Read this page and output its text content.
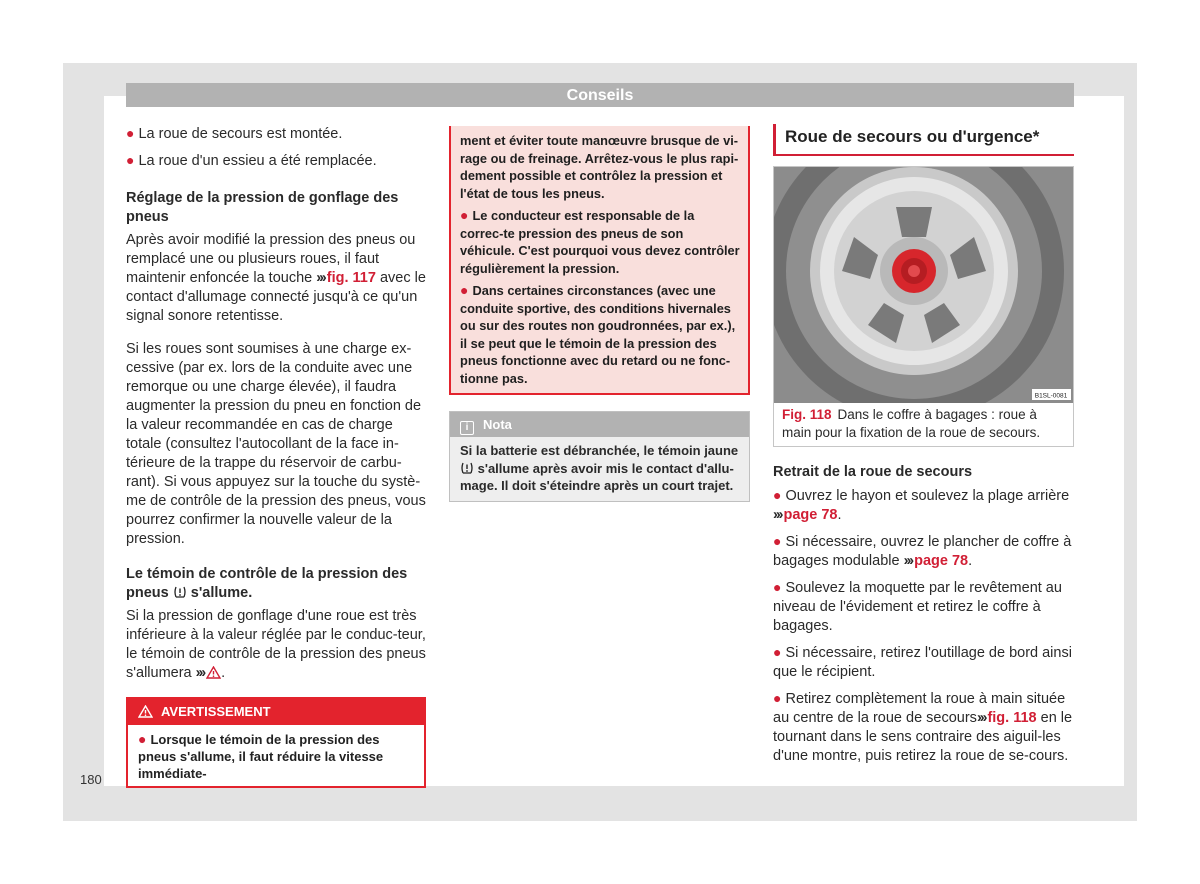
Conseils

● La roue de secours est montée.

● La roue d'un essieu a été remplacée.

Réglage de la pression de gonflage des pneus

Après avoir modifié la pression des pneus ou remplacé une ou plusieurs roues, il faut maintenir enfoncée la touche ››› fig. 117 avec le contact d'allumage connecté jusqu'à ce qu'un signal sonore retentisse.

Si les roues sont soumises à une charge ex-cessive (par ex. lors de la conduite avec une remorque ou une charge élevée), il faudra augmenter la pression du pneu en fonction de la valeur recommandée en cas de charge totale (consultez l'autocollant de la face in-térieure de la trappe du réservoir de carbu-rant). Si vous appuyez sur la touche du systè-me de contrôle de la pression des pneus, vous pourrez confirmer la nouvelle valeur de la pression.

Le témoin de contrôle de la pression des pneus s'allume.

Si la pression de gonflage d'une roue est très inférieure à la valeur réglée par le conduc-teur, le témoin de contrôle de la pression des pneus s'allumera ››› .

AVERTISSEMENT
● Lorsque le témoin de la pression des pneus s'allume, il faut réduire la vitesse immédiate-

ment et éviter toute manœuvre brusque de vi-rage ou de freinage. Arrêtez-vous le plus rapi-dement possible et contrôlez la pression et l'état de tous les pneus.

● Le conducteur est responsable de la correc-te pression des pneus de son véhicule. C'est pourquoi vous devez contrôler régulièrement la pression.

● Dans certaines circonstances (avec une conduite sportive, des conditions hivernales ou sur des routes non goudronnées, par ex.), il se peut que le témoin de la pression des pneus fonctionne avec du retard ou ne fonc-tionne pas.

i Nota
Si la batterie est débranchée, le témoin jaune  s'allume après avoir mis le contact d'allu-mage. Il doit s'éteindre après un court trajet.
Roue de secours ou d'urgence*
B1SL-0081
Fig. 118 Dans le coffre à bagages : roue à main pour la fixation de la roue de secours.

Retrait de la roue de secours

● Ouvrez le hayon et soulevez la plage arrière ››› page 78.

● Si nécessaire, ouvrez le plancher de coffre à bagages modulable ››› page 78.

● Soulevez la moquette par le revêtement au niveau de l'évidement et retirez le coffre à bagages.

● Si nécessaire, retirez l'outillage de bord ainsi que le récipient.

● Retirez complètement la roue à main située au centre de la roue de secours››› fig. 118 en le tournant dans le sens contraire des aiguil-les d'une montre, puis retirez la roue de se-cours.

180
